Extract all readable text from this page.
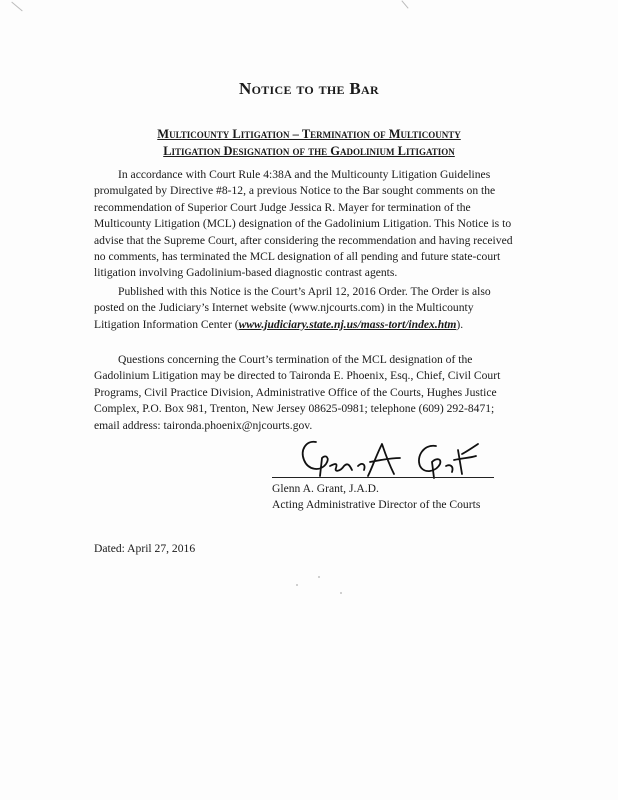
Notice to the Bar
Multicounty Litigation – Termination of Multicounty
Litigation Designation of the Gadolinium Litigation

In accordance with Court Rule 4:38A and the Multicounty Litigation Guidelines promulgated by Directive #8-12, a previous Notice to the Bar sought comments on the recommendation of Superior Court Judge Jessica R. Mayer for termination of the Multicounty Litigation (MCL) designation of the Gadolinium Litigation. This Notice is to advise that the Supreme Court, after considering the recommendation and having received no comments, has terminated the MCL designation of all pending and future state-court litigation involving Gadolinium-based diagnostic contrast agents.

Published with this Notice is the Court’s April 12, 2016 Order. The Order is also posted on the Judiciary’s Internet website (www.njcourts.com) in the Multicounty Litigation Information Center (www.judiciary.state.nj.us/mass-tort/index.htm).

Questions concerning the Court’s termination of the MCL designation of the Gadolinium Litigation may be directed to Taironda E. Phoenix, Esq., Chief, Civil Court Programs, Civil Practice Division, Administrative Office of the Courts, Hughes Justice Complex, P.O. Box 981, Trenton, New Jersey 08625-0981; telephone (609) 292-8471; email address: taironda.phoenix@njcourts.gov.

Glenn A. Grant, J.A.D.
Acting Administrative Director of the Courts
Dated: April 27, 2016
